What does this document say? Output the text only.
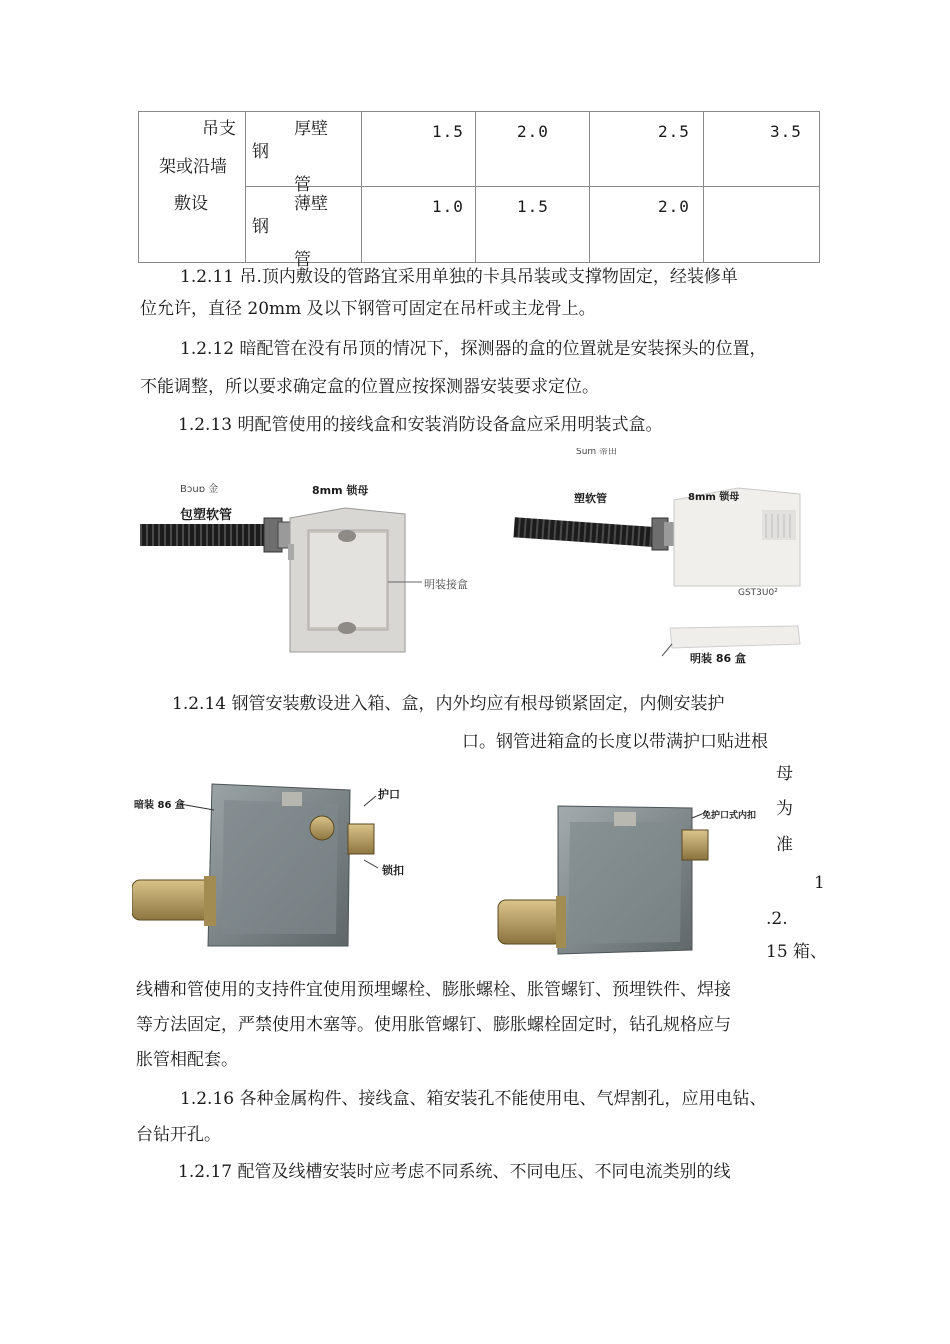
吊支
架或沿墙
敷设	厚壁
钢
管	1.5	2.0	2.5	3.5

	薄壁
钢
管	1.0	1.5	2.0	

1.2.11 吊.顶内敷设的管路宜采用单独的卡具吊装或支撑物固定，经装修单
位允许，直径 20mm 及以下钢管可固定在吊杆或主龙骨上。
1.2.12 暗配管在没有吊顶的情况下，探测器的盒的位置就是安装探头的位置，
不能调整，所以要求确定盒的位置应按探测器安装要求定位。
1.2.13 明配管使用的接线盒和安装消防设备盒应采用明装式盒。
Bɔuɒ 金
包塑软管
8mm 锁母
明装接盒
Sum 蒂田
塑软管	8mm 锁母
GST3U0²
明装 86 盒
1.2.14 钢管安装敷设进入箱、盒，内外均应有根母锁紧固定，内侧安装护
口。钢管进箱盒的长度以带满护口贴进根
母
为
准
1
.2.
15 箱、
暗装 86 盒
护口
锁扣
免护口式内扣
线槽和管使用的支持件宜使用预埋螺栓、膨胀螺栓、胀管螺钉、预埋铁件、焊接
等方法固定，严禁使用木塞等。使用胀管螺钉、膨胀螺栓固定时，钻孔规格应与
胀管相配套。
1.2.16 各种金属构件、接线盒、箱安装孔不能使用电、气焊割孔，应用电钻、
台钻开孔。
1.2.17 配管及线槽安装时应考虑不同系统、不同电压、不同电流类别的线
